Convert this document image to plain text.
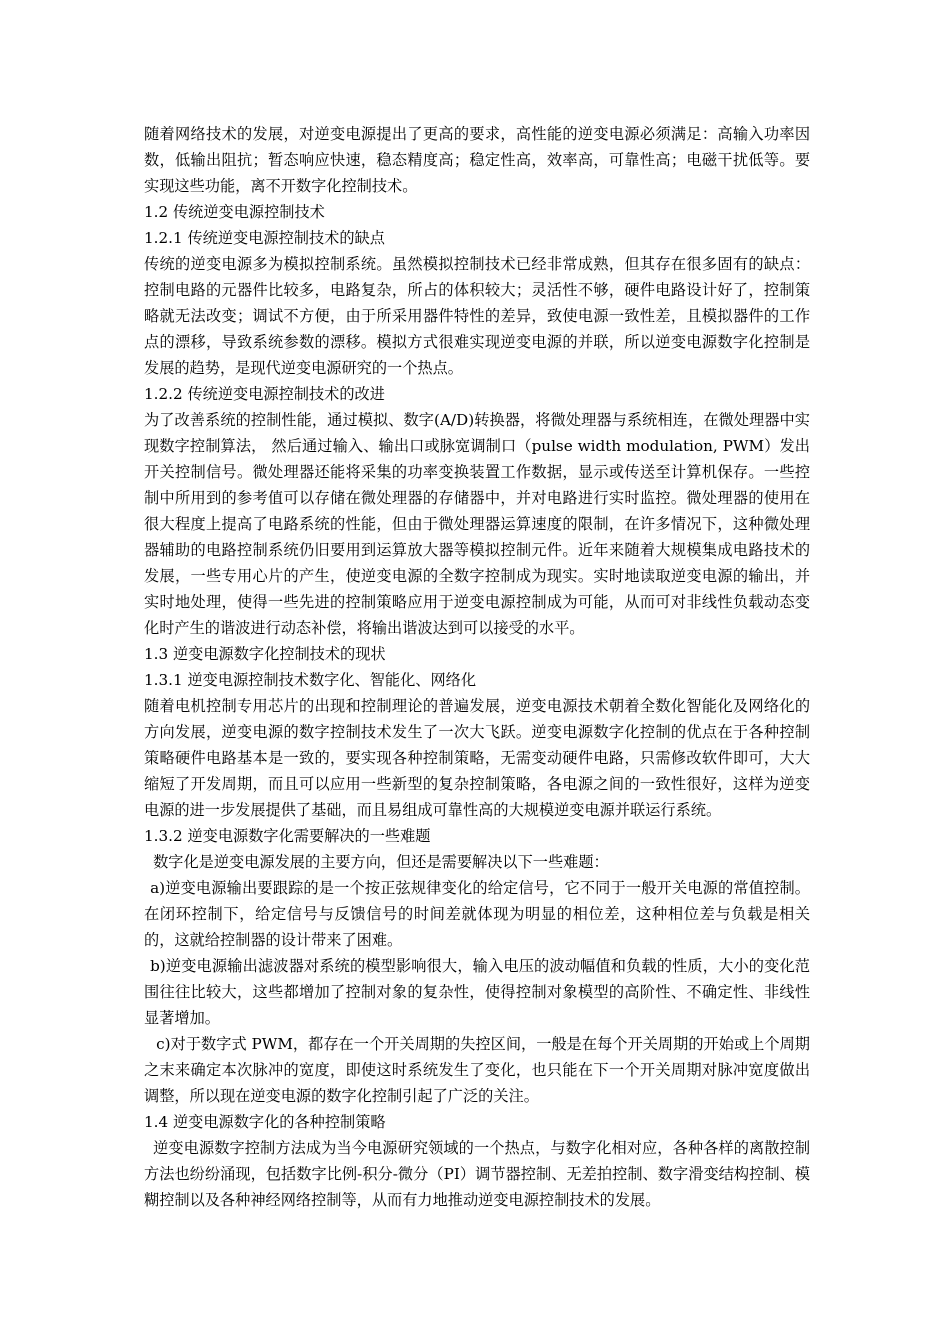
随着网络技术的发展，对逆变电源提出了更高的要求，高性能的逆变电源必须满足：高输入功率因数，低输出阻抗；暂态响应快速，稳态精度高；稳定性高，效率高，可靠性高；电磁干扰低等。要实现这些功能，离不开数字化控制技术。

1.2 传统逆变电源控制技术

1.2.1 传统逆变电源控制技术的缺点

传统的逆变电源多为模拟控制系统。虽然模拟控制技术已经非常成熟，但其存在很多固有的缺点：控制电路的元器件比较多，电路复杂，所占的体积较大；灵活性不够，硬件电路设计好了，控制策略就无法改变；调试不方便，由于所采用器件特性的差异，致使电源一致性差，且模拟器件的工作点的漂移，导致系统参数的漂移。模拟方式很难实现逆变电源的并联，所以逆变电源数字化控制是发展的趋势，是现代逆变电源研究的一个热点。

1.2.2 传统逆变电源控制技术的改进

为了改善系统的控制性能，通过模拟、数字(A/D)转换器，将微处理器与系统相连，在微处理器中实现数字控制算法， 然后通过输入、输出口或脉宽调制口（pulse width modulation, PWM）发出开关控制信号。微处理器还能将采集的功率变换装置工作数据，显示或传送至计算机保存。一些控制中所用到的参考值可以存储在微处理器的存储器中，并对电路进行实时监控。微处理器的使用在很大程度上提高了电路系统的性能，但由于微处理器运算速度的限制，在许多情况下，这种微处理器辅助的电路控制系统仍旧要用到运算放大器等模拟控制元件。近年来随着大规模集成电路技术的发展，一些专用心片的产生，使逆变电源的全数字控制成为现实。实时地读取逆变电源的输出，并实时地处理，使得一些先进的控制策略应用于逆变电源控制成为可能，从而可对非线性负载动态变化时产生的谐波进行动态补偿，将输出谐波达到可以接受的水平。

1.3 逆变电源数字化控制技术的现状

1.3.1 逆变电源控制技术数字化、智能化、网络化

随着电机控制专用芯片的出现和控制理论的普遍发展，逆变电源技术朝着全数化智能化及网络化的方向发展，逆变电源的数字控制技术发生了一次大飞跃。逆变电源数字化控制的优点在于各种控制策略硬件电路基本是一致的，要实现各种控制策略，无需变动硬件电路，只需修改软件即可，大大缩短了开发周期，而且可以应用一些新型的复杂控制策略，各电源之间的一致性很好，这样为逆变电源的进一步发展提供了基础，而且易组成可靠性高的大规模逆变电源并联运行系统。

1.3.2 逆变电源数字化需要解决的一些难题

数字化是逆变电源发展的主要方向，但还是需要解决以下一些难题：

a)逆变电源输出要跟踪的是一个按正弦规律变化的给定信号，它不同于一般开关电源的常值控制。在闭环控制下，给定信号与反馈信号的时间差就体现为明显的相位差，这种相位差与负载是相关的，这就给控制器的设计带来了困难。

b)逆变电源输出滤波器对系统的模型影响很大，输入电压的波动幅值和负载的性质，大小的变化范围往往比较大，这些都增加了控制对象的复杂性，使得控制对象模型的高阶性、不确定性、非线性显著增加。

c)对于数字式 PWM，都存在一个开关周期的失控区间，一般是在每个开关周期的开始或上个周期之末来确定本次脉冲的宽度，即使这时系统发生了变化，也只能在下一个开关周期对脉冲宽度做出调整，所以现在逆变电源的数字化控制引起了广泛的关注。

1.4 逆变电源数字化的各种控制策略

逆变电源数字控制方法成为当今电源研究领域的一个热点，与数字化相对应，各种各样的离散控制方法也纷纷涌现，包括数字比例-积分-微分（PI）调节器控制、无差拍控制、数字滑变结构控制、模糊控制以及各种神经网络控制等，从而有力地推动逆变电源控制技术的发展。
